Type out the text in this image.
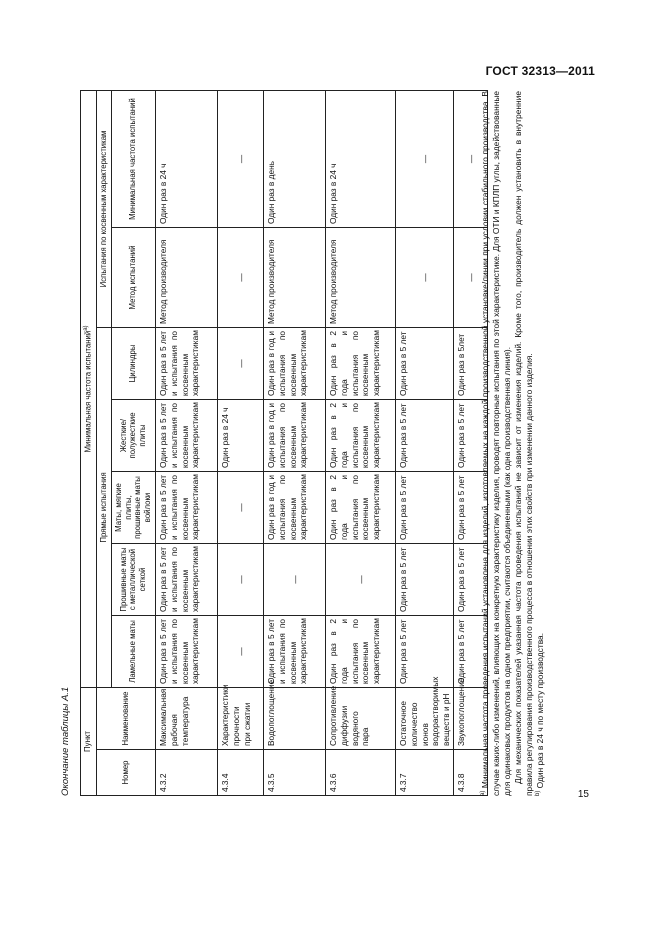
ГОСТ 32313—2011
Окончание таблицы А.1 Пункт		Минимальная частота испытаний$^{а)}$
Номер	Наименование	Прямые испытания					Испытания по косвенным характеристикам	
		Ламельные маты	Прошивные маты с металлической сеткой	Маты, мягкие плиты, прошивные маты войлоки	Жесткие/ полужесткие плиты	Цилиндры	Метод испытаний	Минимальная частота испытаний
4.3.2	Максимальная рабочая температура	Один раз в 5 лет и испытания по косвенным характеристикам	Один раз в 5 лет и испытания по косвенным характеристикам	Один раз в 5 лет и испытания по косвенным характеристикам	Один раз в 5 лет и испытания по косвенным характеристикам	Один раз в 5 лет и испытания по косвенным характеристикам	Метод производителя	Один раз в 24 ч
4.3.4	Характеристики прочности при сжатии	—	—	—	Один раз в 24 ч	—	—	—
4.3.5	Водопоглощение	Один раз в 5 лет и испытания по косвенным характеристикам	—	Один раз в год и испытания по косвенным характеристикам	Один раз в год и испытания по косвенным характеристикам	Один раз в год и испытания по косвенным характеристикам	Метод производителя	Один раз в день
4.3.6	Сопротивление диффузии водяного пара	Один раз в 2 года и испытания по косвенным характеристикам	—	Один раз в 2 года и испытания по косвенным характеристикам	Один раз в 2 года и испытания по косвенным характеристикам	Один раз в 2 года и испытания по косвенным характеристикам	Метод производителя	Один раз в 24 ч
4.3.7	Остаточное количество ионов водорастворимых веществ и рН	Один раз в 5 лет	Один раз в 5 лет	Один раз в 5 лет	Один раз в 5 лет	Один раз в 5 лет	—	—
4.3.8	Звукопоглощение	Один раз в 5 лет	Один раз в 5 лет	Один раз в 5 лет	Один раз в 5 лет	Один раз в 5лет	—	—

$^{а)}$ Минимальная частота проведения испытаний установлена для изделий, изготовляемых на каждой производственной установке/линии при условии стабильного производства. В случае каких-либо изменений, влияющих на конкретную характеристику изделия, проводят повторные испытания по этой характеристике. Для ОТИ и КПЛП углы, задействованные для одинаковых продуктов на одном предприятии, считаются объединенными (как одна производственная линия). Для механических показателей указанная частота проведения испытаний не зависит от изменения изделий. Кроме того, производитель должен установить в внутренние правила регулирования производственного процесса в отношении этих свойств при изменении данного изделия. $^{b)}$ Один раз в 24 ч по месту производства.

15
